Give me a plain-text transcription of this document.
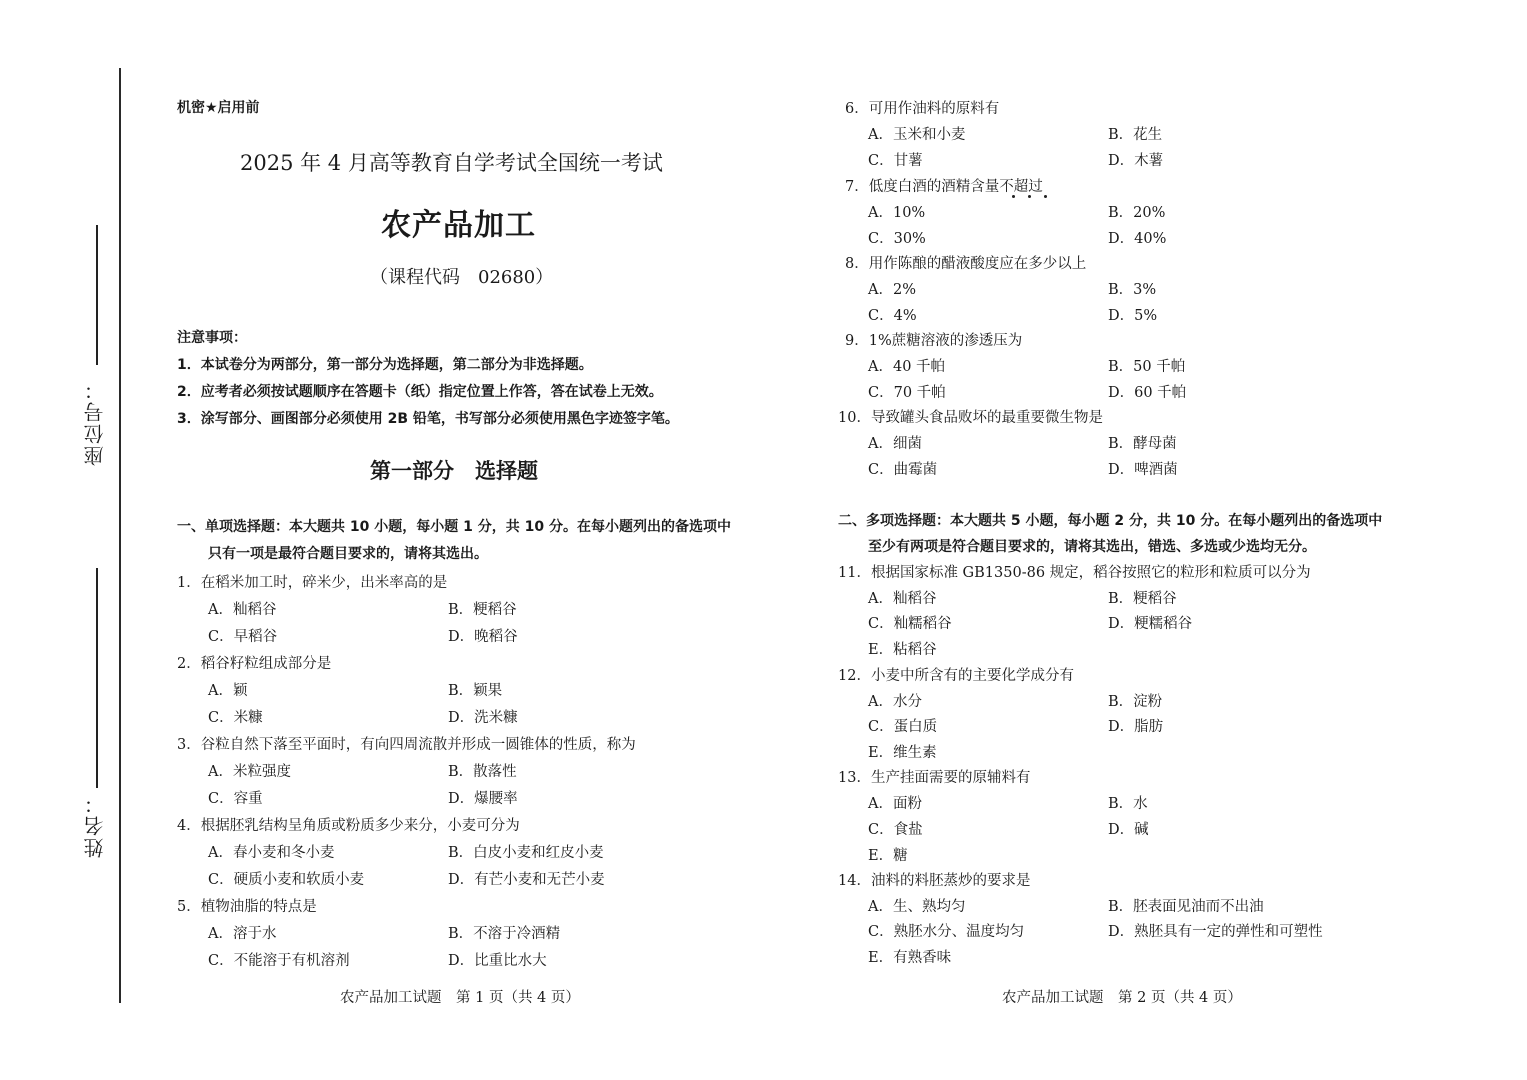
座位号：
姓名：
机密★启用前
2025 年 4 月高等教育自学考试全国统一考试
农产品加工
（课程代码　02680）
注意事项：
1．本试卷分为两部分，第一部分为选择题，第二部分为非选择题。
2．应考者必须按试题顺序在答题卡（纸）指定位置上作答，答在试卷上无效。
3．涂写部分、画图部分必须使用 2B 铅笔，书写部分必须使用黑色字迹签字笔。
第一部分　选择题
一、单项选择题：本大题共 10 小题，每小题 1 分，共 10 分。在每小题列出的备选项中
只有一项是最符合题目要求的，请将其选出。
1．在稻米加工时，碎米少，出米率高的是
A．籼稻谷	B．粳稻谷
C．早稻谷	D．晚稻谷
2．稻谷籽粒组成部分是
A．颖	B．颖果
C．米糠	D．洗米糠
3．谷粒自然下落至平面时，有向四周流散并形成一圆锥体的性质，称为
A．米粒强度	B．散落性
C．容重	D．爆腰率
4．根据胚乳结构呈角质或粉质多少来分，小麦可分为
A．春小麦和冬小麦	B．白皮小麦和红皮小麦
C．硬质小麦和软质小麦	D．有芒小麦和无芒小麦
5．植物油脂的特点是
A．溶于水	B．不溶于冷酒精
C．不能溶于有机溶剂	D．比重比水大
农产品加工试题　第 1 页（共 4 页）
6．可用作油料的原料有
A．玉米和小麦	B．花生
C．甘薯	D．木薯
7．低度白酒的酒精含量不超过
A．10%	B．20%
C．30%	D．40%
8．用作陈酿的醋液酸度应在多少以上
A．2%	B．3%
C．4%	D．5%
9．1%蔗糖溶液的渗透压为
A．40 千帕	B．50 千帕
C．70 千帕	D．60 千帕
10．导致罐头食品败坏的最重要微生物是
A．细菌	B．酵母菌
C．曲霉菌	D．啤酒菌
二、多项选择题：本大题共 5 小题，每小题 2 分，共 10 分。在每小题列出的备选项中
至少有两项是符合题目要求的，请将其选出，错选、多选或少选均无分。
11．根据国家标准 GB1350-86 规定，稻谷按照它的粒形和粒质可以分为
A．籼稻谷	B．粳稻谷
C．籼糯稻谷	D．粳糯稻谷
E．粘稻谷
12．小麦中所含有的主要化学成分有
A．水分	B．淀粉
C．蛋白质	D．脂肪
E．维生素
13．生产挂面需要的原辅料有
A．面粉	B．水
C．食盐	D．碱
E．糖
14．油料的料胚蒸炒的要求是
A．生、熟均匀	B．胚表面见油而不出油
C．熟胚水分、温度均匀	D．熟胚具有一定的弹性和可塑性
E．有熟香味
农产品加工试题　第 2 页（共 4 页）
